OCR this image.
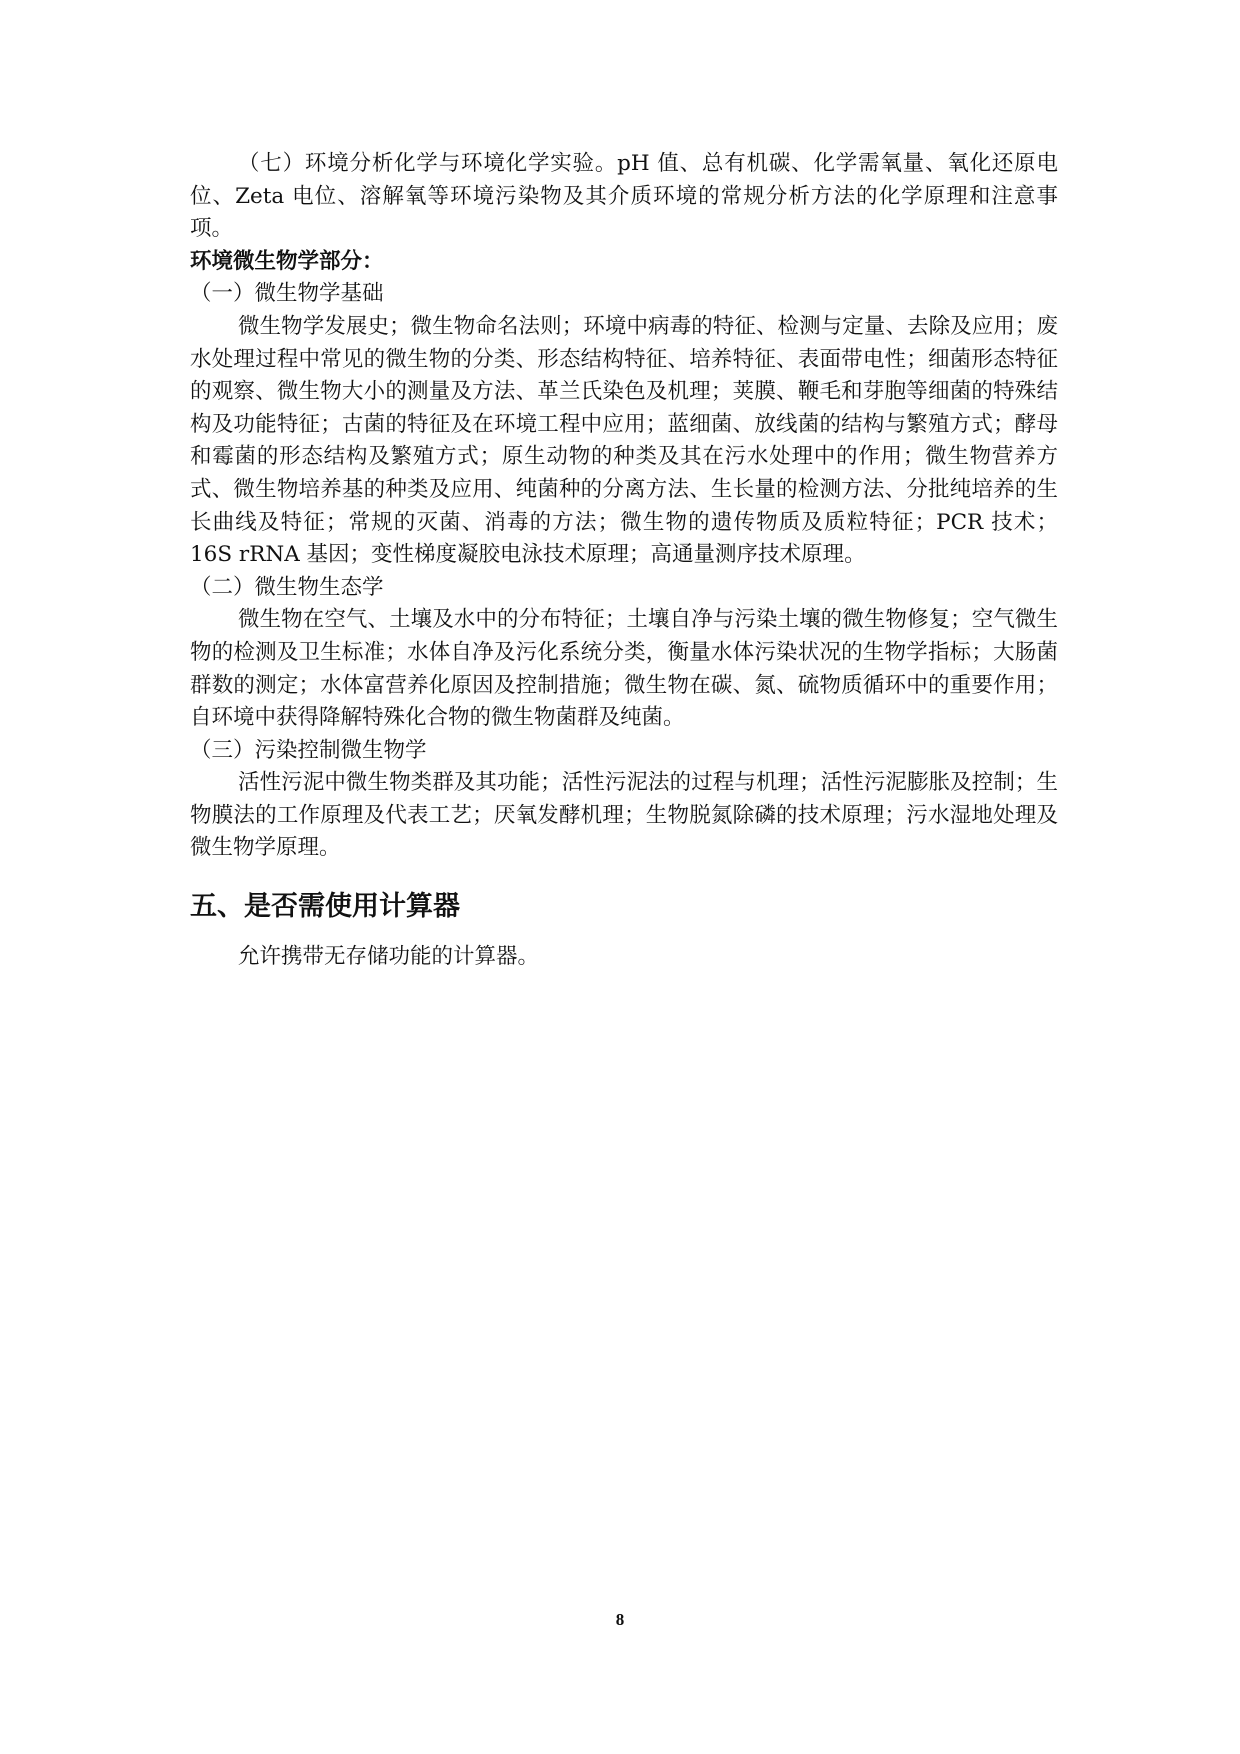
（七）环境分析化学与环境化学实验。pH 值、总有机碳、化学需氧量、氧化还原电位、Zeta 电位、溶解氧等环境污染物及其介质环境的常规分析方法的化学原理和注意事项。

环境微生物学部分：

（一）微生物学基础

微生物学发展史；微生物命名法则；环境中病毒的特征、检测与定量、去除及应用；废水处理过程中常见的微生物的分类、形态结构特征、培养特征、表面带电性；细菌形态特征的观察、微生物大小的测量及方法、革兰氏染色及机理；荚膜、鞭毛和芽胞等细菌的特殊结构及功能特征；古菌的特征及在环境工程中应用；蓝细菌、放线菌的结构与繁殖方式；酵母和霉菌的形态结构及繁殖方式；原生动物的种类及其在污水处理中的作用；微生物营养方式、微生物培养基的种类及应用、纯菌种的分离方法、生长量的检测方法、分批纯培养的生长曲线及特征；常规的灭菌、消毒的方法；微生物的遗传物质及质粒特征；PCR 技术；16S rRNA 基因；变性梯度凝胶电泳技术原理；高通量测序技术原理。

（二）微生物生态学

微生物在空气、土壤及水中的分布特征；土壤自净与污染土壤的微生物修复；空气微生物的检测及卫生标准；水体自净及污化系统分类，衡量水体污染状况的生物学指标；大肠菌群数的测定；水体富营养化原因及控制措施；微生物在碳、氮、硫物质循环中的重要作用；自环境中获得降解特殊化合物的微生物菌群及纯菌。

（三）污染控制微生物学

活性污泥中微生物类群及其功能；活性污泥法的过程与机理；活性污泥膨胀及控制；生物膜法的工作原理及代表工艺；厌氧发酵机理；生物脱氮除磷的技术原理；污水湿地处理及微生物学原理。

五、是否需使用计算器

允许携带无存储功能的计算器。

8
